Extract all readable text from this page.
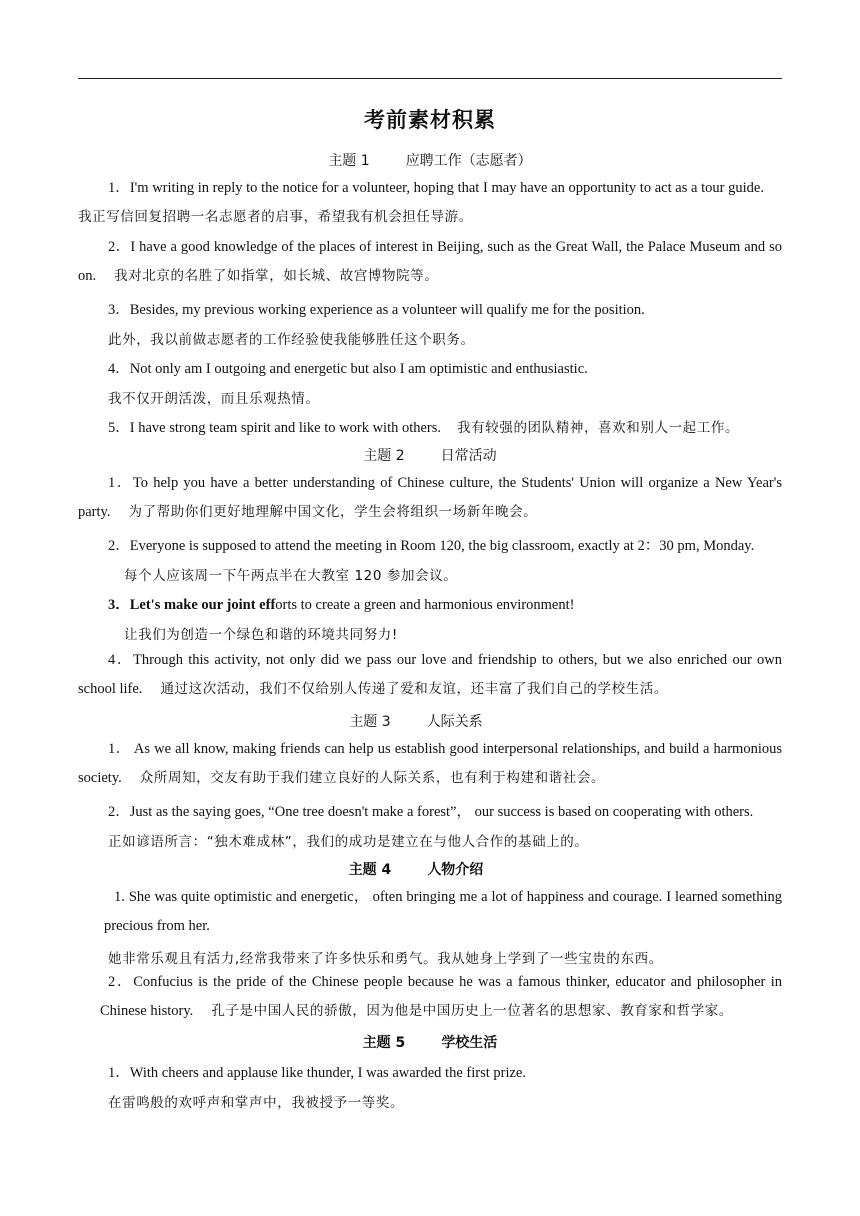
考前素材积累
主题 1	应聘工作（志愿者）
1．I'm writing in reply to the notice for a volunteer, hoping that I may have an opportunity to act as a tour guide.我正写信回复招聘一名志愿者的启事，希望我有机会担任导游。
2．I have a good knowledge of the places of interest in Beijing, such as the Great Wall, the Palace Museum and so on. 我对北京的名胜了如指掌，如长城、故宫博物院等。
3．Besides, my previous working experience as a volunteer will qualify me for the position.
此外，我以前做志愿者的工作经验使我能够胜任这个职务。
4．Not only am I outgoing and energetic but also I am optimistic and enthusiastic.
我不仅开朗活泼，而且乐观热情。
5．I have strong team spirit and like to work with others. 我有较强的团队精神，喜欢和别人一起工作。
主题 2	日常活动
1．To help you have a better understanding of Chinese culture, the Students' Union will organize a New Year's party. 为了帮助你们更好地理解中国文化，学生会将组织一场新年晚会。
2．Everyone is supposed to attend the meeting in Room 120, the big classroom, exactly at 2：30 pm, Monday.
每个人应该周一下午两点半在大教室 120 参加会议。
3．Let's make our joint efforts to create a green and harmonious environment!
让我们为创造一个绿色和谐的环境共同努力!
4．Through this activity, not only did we pass our love and friendship to others, but we also enriched our own school life. 通过这次活动，我们不仅给别人传递了爱和友谊，还丰富了我们自己的学校生活。
主题 3	人际关系
1． As we all know, making friends can help us establish good interpersonal relationships, and build a harmonious society. 众所周知，交友有助于我们建立良好的人际关系，也有利于构建和谐社会。
2．Just as the saying goes, “One tree doesn't make a forest”， our success is based on cooperating with others.
正如谚语所言：“独木难成林”，我们的成功是建立在与他人合作的基础上的。
主题 4	人物介绍
1. She was quite optimistic and energetic， often bringing me a lot of happiness and courage. I learned something precious from her.
她非常乐观且有活力,经常我带来了许多快乐和勇气。我从她身上学到了一些宝贵的东西。
2．Confucius is the pride of the Chinese people because he was a famous thinker, educator and philosopher in Chinese history. 孔子是中国人民的骄傲，因为他是中国历史上一位著名的思想家、教育家和哲学家。
主题 5	学校生活
1．With cheers and applause like thunder, I was awarded the first prize.
在雷鸣般的欢呼声和掌声中，我被授予一等奖。
